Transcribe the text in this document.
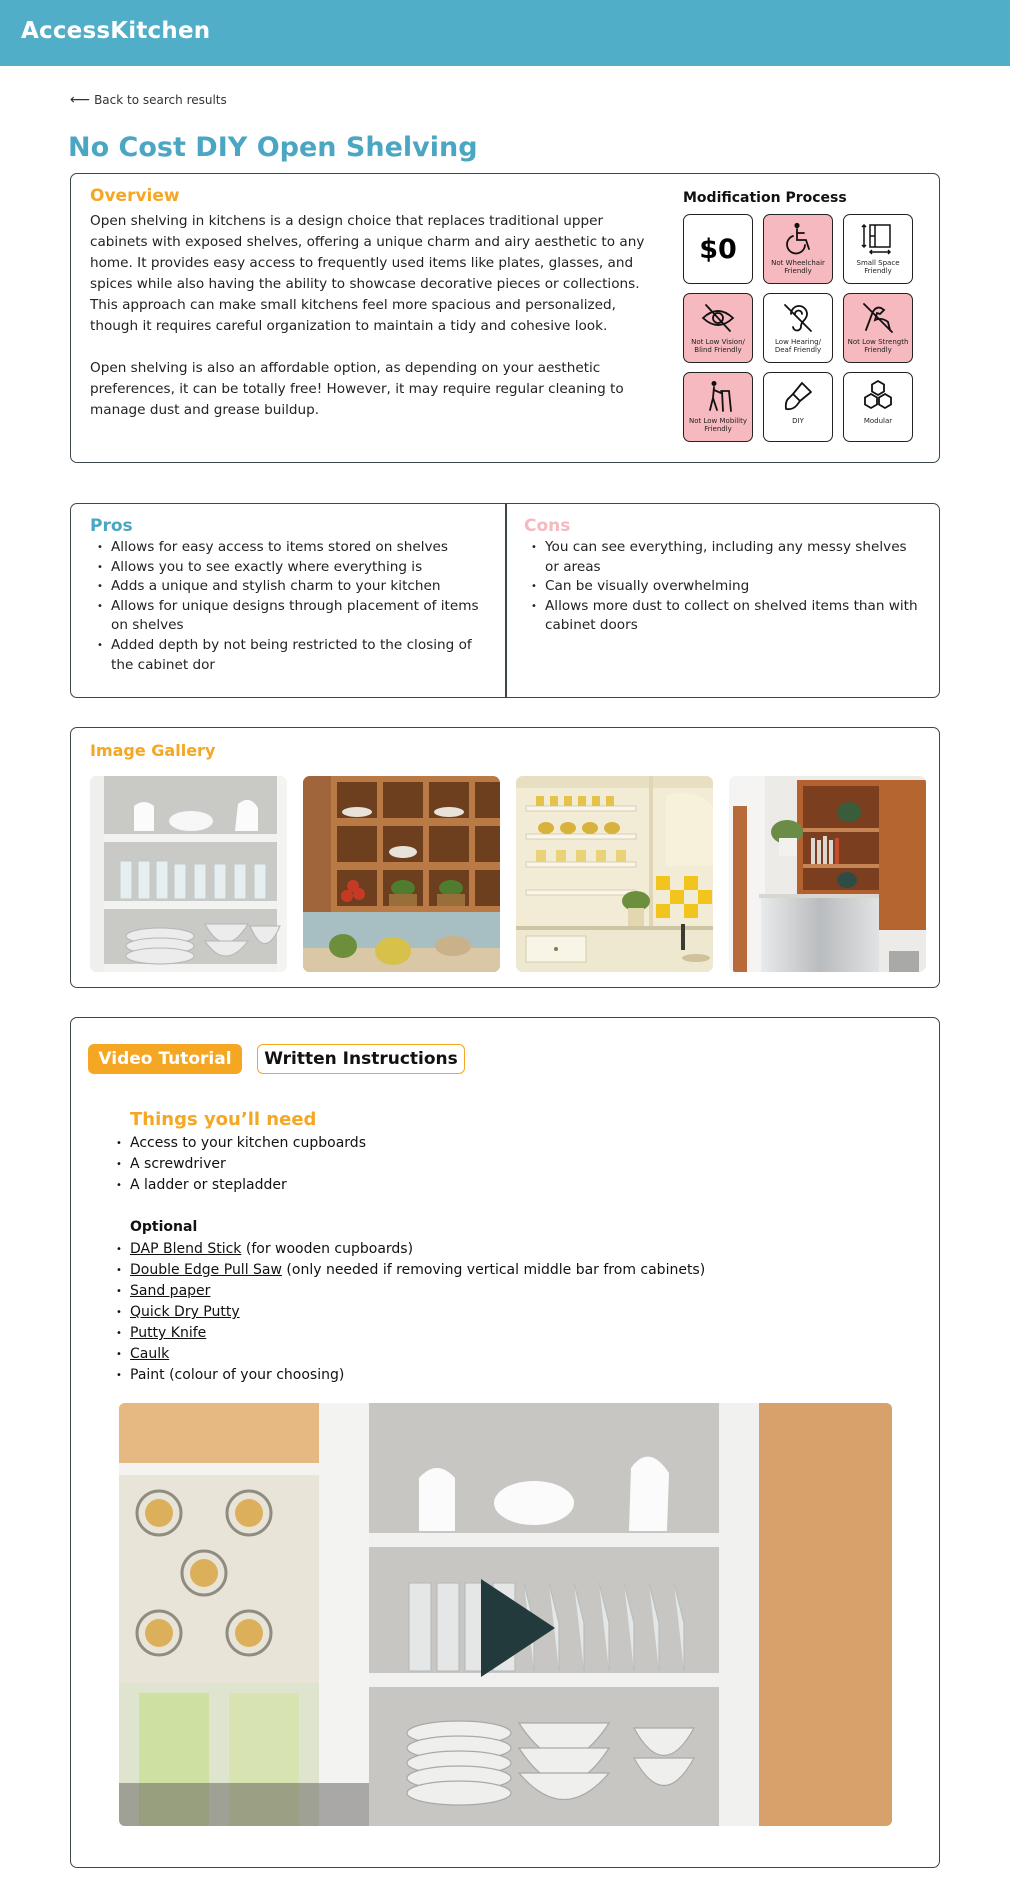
AccessKitchen
⟵ Back to search results
No Cost DIY Open Shelving
Overview

Open shelving in kitchens is a design choice that replaces traditional upper cabinets with exposed shelves, offering a unique charm and airy aesthetic to any home. It provides easy access to frequently used items like plates, glasses, and spices while also having the ability to showcase decorative pieces or collections. This approach can make small kitchens feel more spacious and personalized, though it requires careful organization to maintain a tidy and cohesive look.

Open shelving is also an affordable option, as depending on your aesthetic preferences, it can be totally free! However, it may require regular cleaning to manage dust and grease buildup.

Modification Process
$0	Not Wheelchair Friendly
Small Space Friendly
Not Low Vision/ Blind Friendly
Low Hearing/ Deaf Friendly
Not Low Strength Friendly
Not Low Mobility Friendly
DIY	Modular
Pros
• Allows for easy access to items stored on shelves
• Allows you to see exactly where everything is
• Adds a unique and stylish charm to your kitchen
• Allows for unique designs through placement of items on shelves
• Added depth by not being restricted to the closing of the cabinet dor
Cons
• You can see everything, including any messy shelves or areas
• Can be visually overwhelming
• Allows more dust to collect on shelved items than with cabinet doors
Image Gallery
Video Tutorial	Written Instructions
Things you’ll need
• Access to your kitchen cupboards
• A screwdriver
• A ladder or stepladder
Optional
• DAP Blend Stick (for wooden cupboards)
• Double Edge Pull Saw (only needed if removing vertical middle bar from cabinets)
• Sand paper
• Quick Dry Putty
• Putty Knife
• Caulk
• Paint (colour of your choosing)
